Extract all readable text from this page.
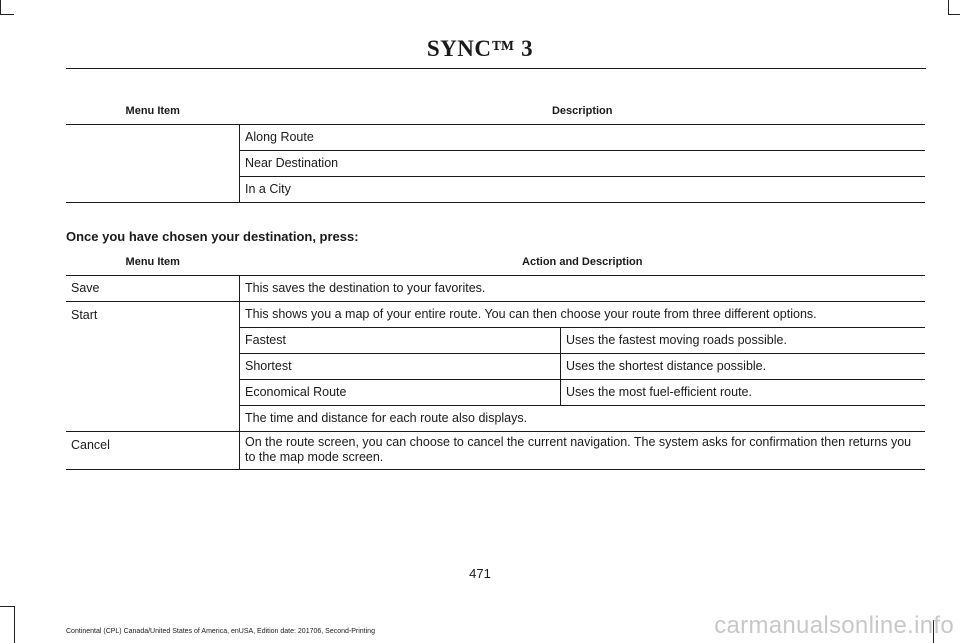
SYNC™ 3
Menu Item	Description
	Along Route
	Near Destination
	In a City
Once you have chosen your destination, press:
Menu Item	Action and Description	
Save	This saves the destination to your favorites.	
Start	This shows you a map of your entire route. You can then choose your route from three different options.	
	Fastest	Uses the fastest moving roads possible.
	Shortest	Uses the shortest distance possible.
	Economical Route	Uses the most fuel-efficient route.
	The time and distance for each route also displays.	
Cancel	On the route screen, you can choose to cancel the current navigation. The system asks for confirmation then returns you to the map mode screen.	
471
Continental (CPL) Canada/United States of America, enUSA, Edition date: 201706, Second-Printing	carmanualsonline.info
